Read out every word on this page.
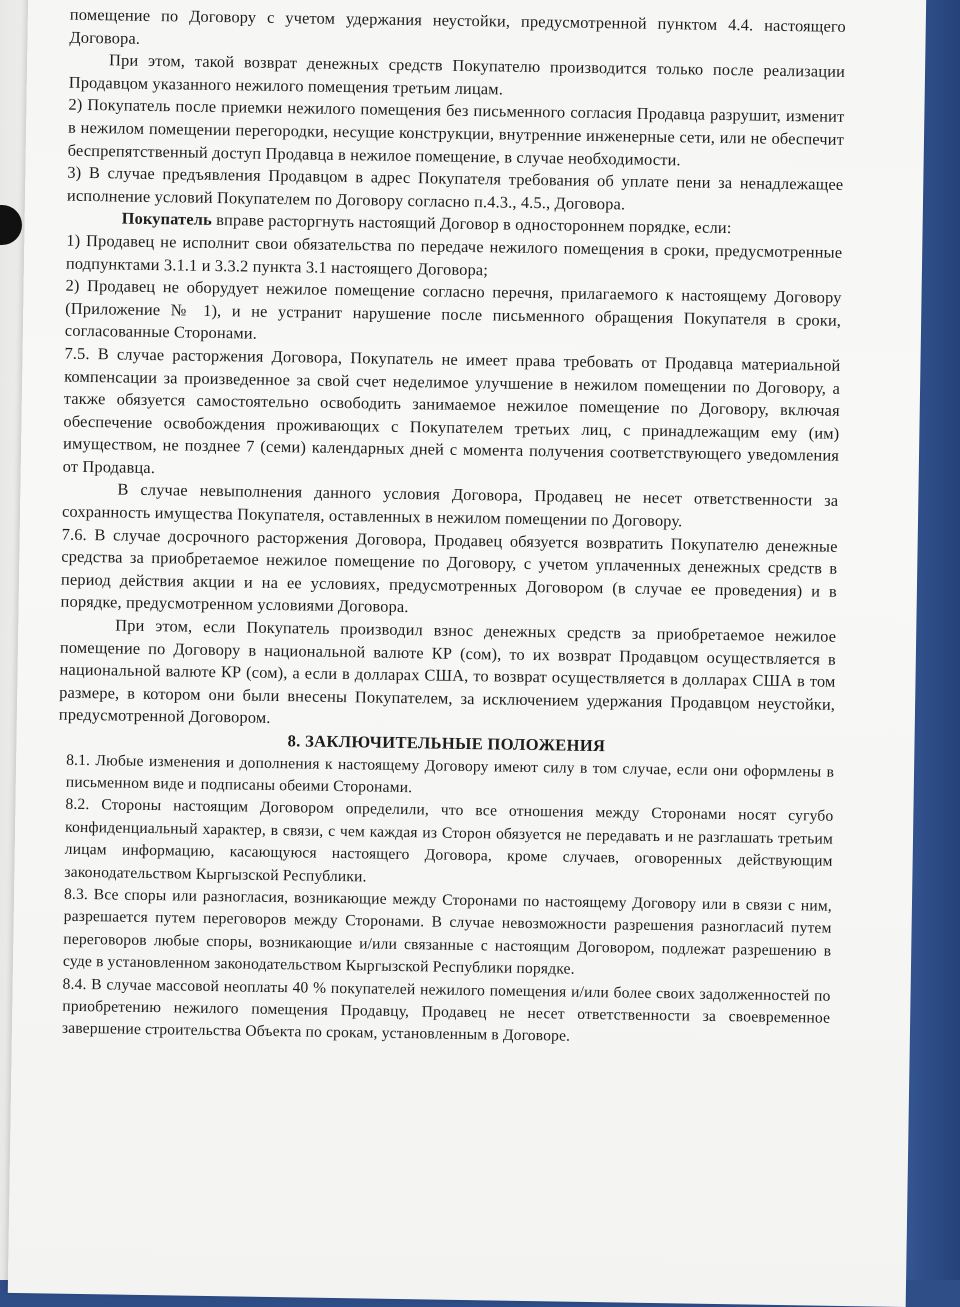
помещение по Договору с учетом удержания неустойки, предусмотренной пунктом 4.4. настоящего Договора.

При этом, такой возврат денежных средств Покупателю производится только после реализации Продавцом указанного нежилого помещения третьим лицам.

2) Покупатель после приемки нежилого помещения без письменного согласия Продавца разрушит, изменит в нежилом помещении перегородки, несущие конструкции, внутренние инженерные сети, или не обеспечит беспрепятственный доступ Продавца в нежилое помещение, в случае необходимости.

3) В случае предъявления Продавцом в адрес Покупателя требования об уплате пени за ненадлежащее исполнение условий Покупателем по Договору согласно п.4.3., 4.5., Договора.

Покупатель вправе расторгнуть настоящий Договор в одностороннем порядке, если:

1) Продавец не исполнит свои обязательства по передаче нежилого помещения в сроки, предусмотренные подпунктами 3.1.1 и 3.3.2 пункта 3.1 настоящего Договора;

2) Продавец не оборудует нежилое помещение согласно перечня, прилагаемого к настоящему Договору (Приложение № 1), и не устранит нарушение после письменного обращения Покупателя в сроки, согласованные Сторонами.

7.5. В случае расторжения Договора, Покупатель не имеет права требовать от Продавца материальной компенсации за произведенное за свой счет неделимое улучшение в нежилом помещении по Договору, а также обязуется самостоятельно освободить занимаемое нежилое помещение по Договору, включая обеспечение освобождения проживающих с Покупателем третьих лиц, с принадлежащим ему (им) имуществом, не позднее 7 (семи) календарных дней с момента получения соответствующего уведомления от Продавца.

В случае невыполнения данного условия Договора, Продавец не несет ответственности за сохранность имущества Покупателя, оставленных в нежилом помещении по Договору.

7.6. В случае досрочного расторжения Договора, Продавец обязуется возвратить Покупателю денежные средства за приобретаемое нежилое помещение по Договору, с учетом уплаченных денежных средств в период действия акции и на ее условиях, предусмотренных Договором (в случае ее проведения) и в порядке, предусмотренном условиями Договора.

При этом, если Покупатель производил взнос денежных средств за приобретаемое нежилое помещение по Договору в национальной валюте КР (сом), то их возврат Продавцом осуществляется в национальной валюте КР (сом), а если в долларах США, то возврат осуществляется в долларах США в том размере, в котором они были внесены Покупателем, за исключением удержания Продавцом неустойки, предусмотренной Договором.

8. ЗАКЛЮЧИТЕЛЬНЫЕ ПОЛОЖЕНИЯ

8.1. Любые изменения и дополнения к настоящему Договору имеют силу в том случае, если они оформлены в письменном виде и подписаны обеими Сторонами.

8.2. Стороны настоящим Договором определили, что все отношения между Сторонами носят сугубо конфиденциальный характер, в связи, с чем каждая из Сторон обязуется не передавать и не разглашать третьим лицам информацию, касающуюся настоящего Договора, кроме случаев, оговоренных действующим законодательством Кыргызской Республики.

8.3. Все споры или разногласия, возникающие между Сторонами по настоящему Договору или в связи с ним, разрешается путем переговоров между Сторонами. В случае невозможности разрешения разногласий путем переговоров любые споры, возникающие и/или связанные с настоящим Договором, подлежат разрешению в суде в установленном законодательством Кыргызской Республики порядке.

8.4. В случае массовой неоплаты 40 % покупателей нежилого помещения и/или более своих задолженностей по приобретению нежилого помещения Продавцу, Продавец не несет ответственности за своевременное завершение строительства Объекта по срокам, установленным в Договоре.
